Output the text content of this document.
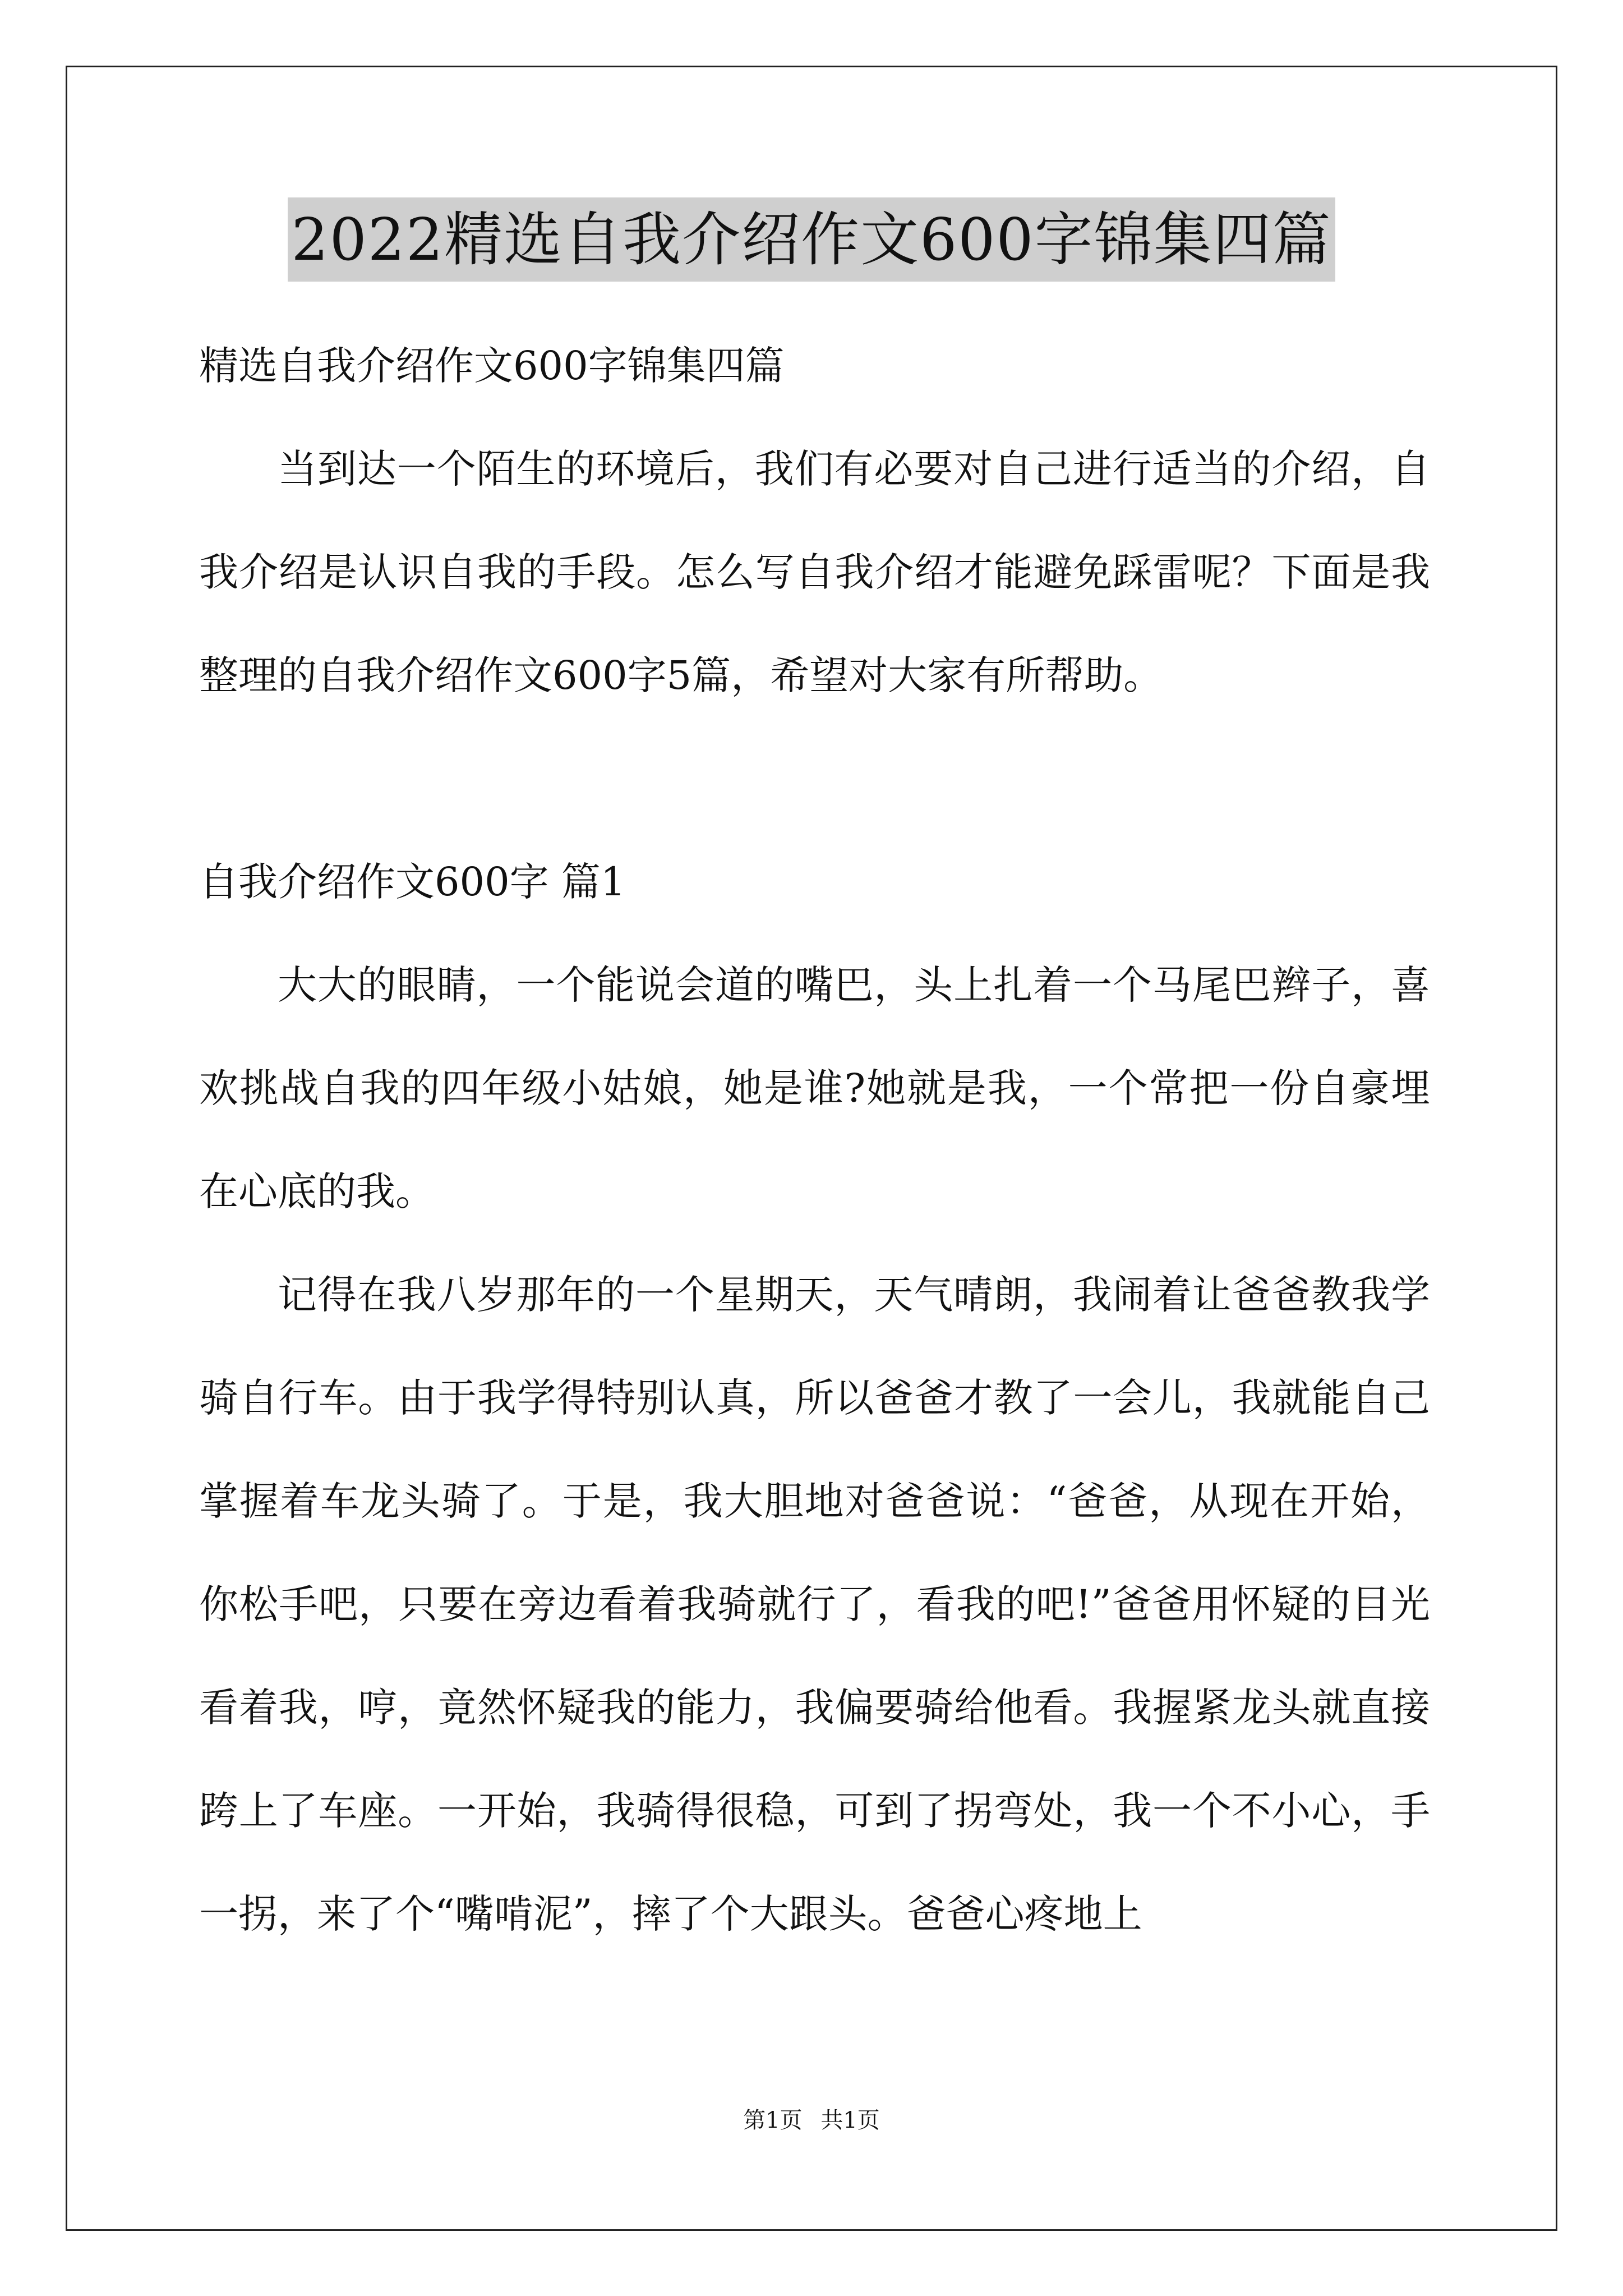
2022精选自我介绍作文600字锦集四篇

精选自我介绍作文600字锦集四篇

当到达一个陌生的环境后，我们有必要对自己进行适当的介绍，自我介绍是认识自我的手段。怎么写自我介绍才能避免踩雷呢？下面是我整理的自我介绍作文600字5篇，希望对大家有所帮助。

自我介绍作文600字 篇1

大大的眼睛，一个能说会道的嘴巴，头上扎着一个马尾巴辫子，喜欢挑战自我的四年级小姑娘，她是谁?她就是我，一个常把一份自豪埋在心底的我。

记得在我八岁那年的一个星期天，天气晴朗，我闹着让爸爸教我学骑自行车。由于我学得特别认真，所以爸爸才教了一会儿，我就能自己掌握着车龙头骑了。于是，我大胆地对爸爸说：“爸爸，从现在开始，你松手吧，只要在旁边看着我骑就行了，看我的吧!”爸爸用怀疑的目光看着我，哼，竟然怀疑我的能力，我偏要骑给他看。我握紧龙头就直接跨上了车座。一开始，我骑得很稳，可到了拐弯处，我一个不小心，手一拐，来了个“嘴啃泥”，摔了个大跟头。爸爸心疼地上

第1页 共1页
